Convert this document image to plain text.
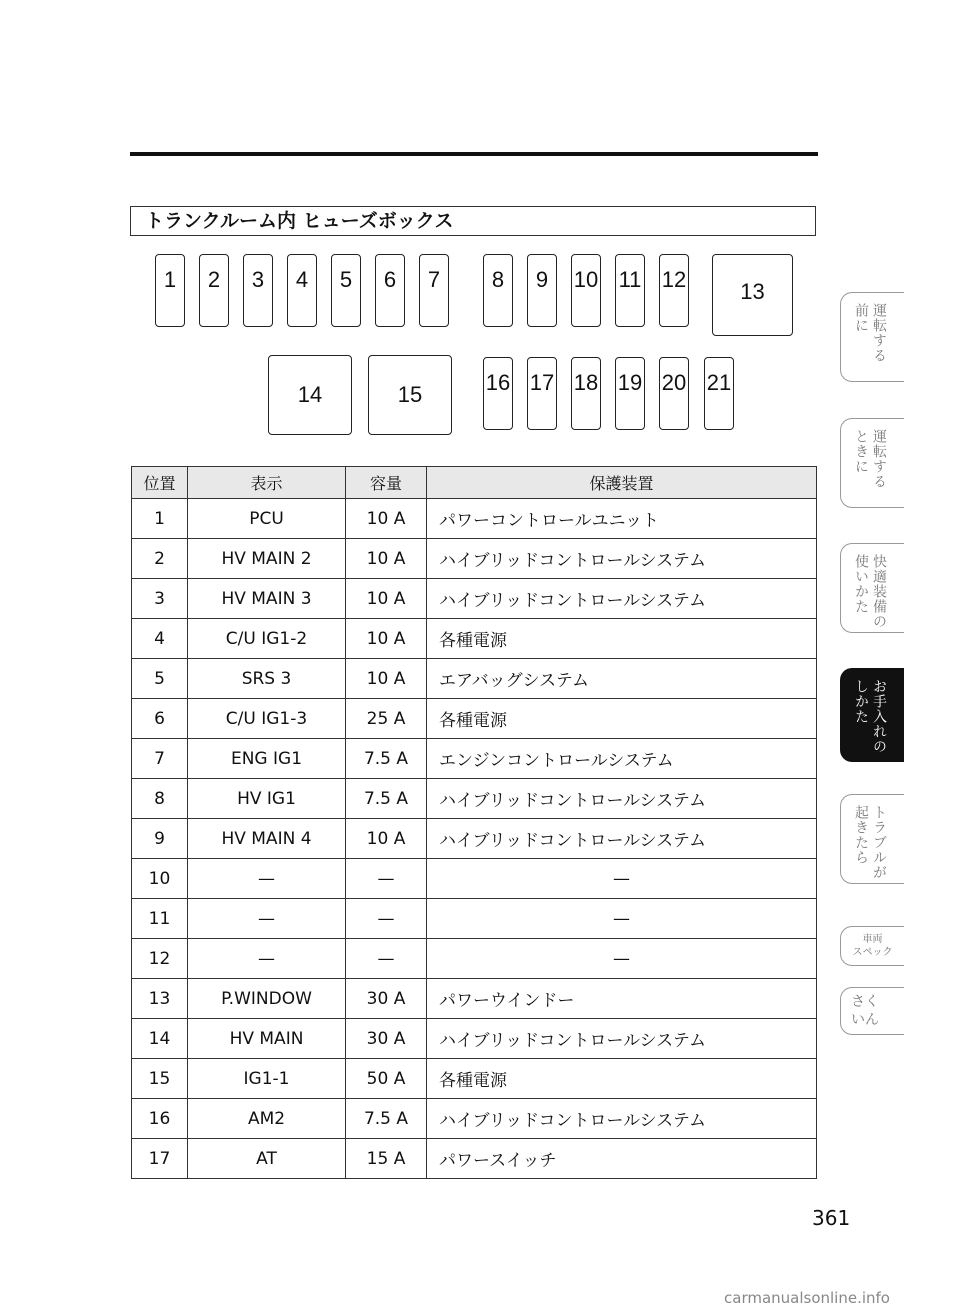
トランクルーム内 ヒューズボックス
1 2 3 4 5 6 7 8 9 10 11 12 13
14	15	16 17 18 19 20 21
位置	表示	容量	保護装置
1	PCU	10 A	パワーコントロールユニット
2	HV MAIN 2	10 A	ハイブリッドコントロールシステム
3	HV MAIN 3	10 A	ハイブリッドコントロールシステム
4	C/U IG1-2	10 A	各種電源
5	SRS 3	10 A	エアバッグシステム
6	C/U IG1-3	25 A	各種電源
7	ENG IG1	7.5 A	エンジンコントロールシステム
8	HV IG1	7.5 A	ハイブリッドコントロールシステム
9	HV MAIN 4	10 A	ハイブリッドコントロールシステム
10	—	—	—
11	—	—	—
12	—	—	—
13	P.WINDOW	30 A	パワーウインドー
14	HV MAIN	30 A	ハイブリッドコントロールシステム
15	IG1-1	50 A	各種電源
16	AM2	7.5 A	ハイブリッドコントロールシステム
17	AT	15 A	パワースイッチ
運転する
前に
運転する
ときに
快適装備の
使いかた
お手入れの
しかた
トラブルが
起きたら
車両
スペック
さく
いん
361
carmanualsonline.info
